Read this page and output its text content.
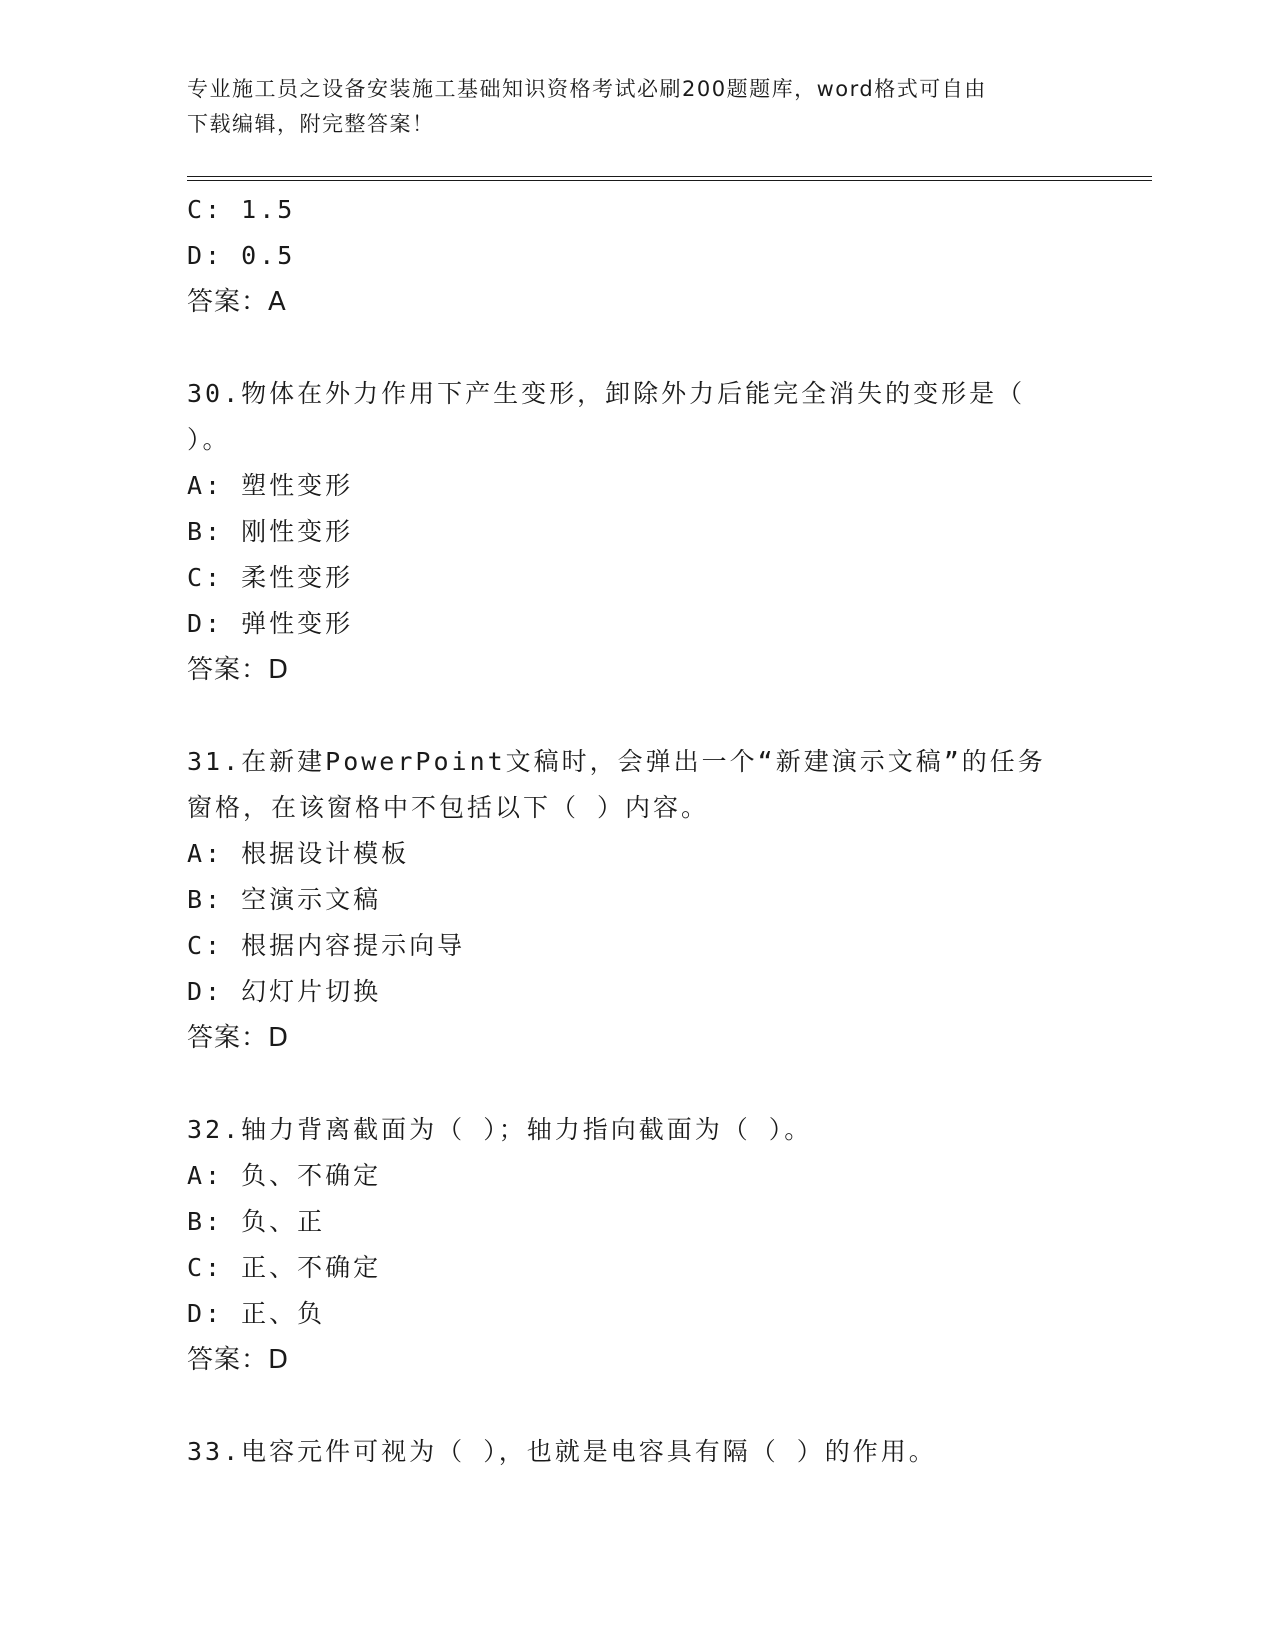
专业施工员之设备安装施工基础知识资格考试必刷200题题库，word格式可自由
下载编辑，附完整答案！
C: 1.5
D: 0.5
答案：A
30.物体在外力作用下产生变形，卸除外力后能完全消失的变形是（
）。
A: 塑性变形
B: 刚性变形
C: 柔性变形
D: 弹性变形
答案：D
31.在新建PowerPoint文稿时，会弹出一个“新建演示文稿”的任务
窗格，在该窗格中不包括以下（ ）内容。
A: 根据设计模板
B: 空演示文稿
C: 根据内容提示向导
D: 幻灯片切换
答案：D
32.轴力背离截面为（ ）；轴力指向截面为（ ）。
A: 负、不确定
B: 负、正
C: 正、不确定
D: 正、负
答案：D
33.电容元件可视为（ ），也就是电容具有隔（ ）的作用。
